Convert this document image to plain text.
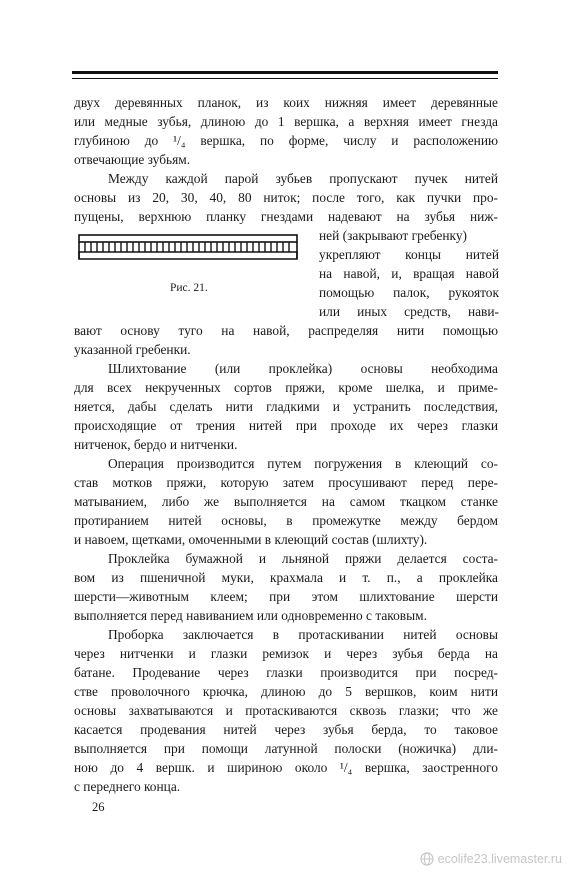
двух деревянных планок, из коих нижняя имеет деревянные
или медные зубья, длиною до 1 вершка, а верхняя имеет гнезда
глубиною до ¹/₄ вершка, по форме, числу и расположению
отвечающие зубьям.
Между каждой парой зубьев пропускают пучек нитей
основы из 20, 30, 40, 80 ниток; после того, как пучки про-
пущены, верхнюю планку гнездами надевают на зубья ниж-
ней (закрывают гребенку)
укрепляют концы нитей
на навой, и, вращая навой
помощью палок, рукояток
или иных средств, нави-
Рис. 21.
вают основу туго на навой, распределяя нити помощью
указанной гребенки.
Шлихтование (или проклейка) основы необходима
для всех некрученных сортов пряжи, кроме шелка, и приме-
няется, дабы сделать нити гладкими и устранить последствия,
происходящие от трения нитей при проходе их через глазки
нитченок, бердо и нитченки.
Операция производится путем погружения в клеющий со-
став мотков пряжи, которую затем просушивают перед пере-
матыванием, либо же выполняется на самом ткацком станке
протиранием нитей основы, в промежутке между бердом
и навоем, щетками, омоченными в клеющий состав (шлихту).
Проклейка бумажной и льняной пряжи делается соста-
вом из пшеничной муки, крахмала и т. п., а проклейка
шерсти—животным клеем; при этом шлихтование шерсти
выполняется перед навиванием или одновременно с таковым.
Проборка заключается в протаскивании нитей основы
через нитченки и глазки ремизок и через зубья берда на
батане. Продевание через глазки производится при посред-
стве проволочного крючка, длиною до 5 вершков, коим нити
основы захватываются и протаскиваются сквозь глазки; что же
касается продевания нитей через зубья берда, то таковое
выполняется при помощи латунной полоски (ножичка) дли-
ною до 4 вершк. и шириною около ¹/₄ вершка, заостренного
с переднего конца.
26
ecolife23.livemaster.ru
